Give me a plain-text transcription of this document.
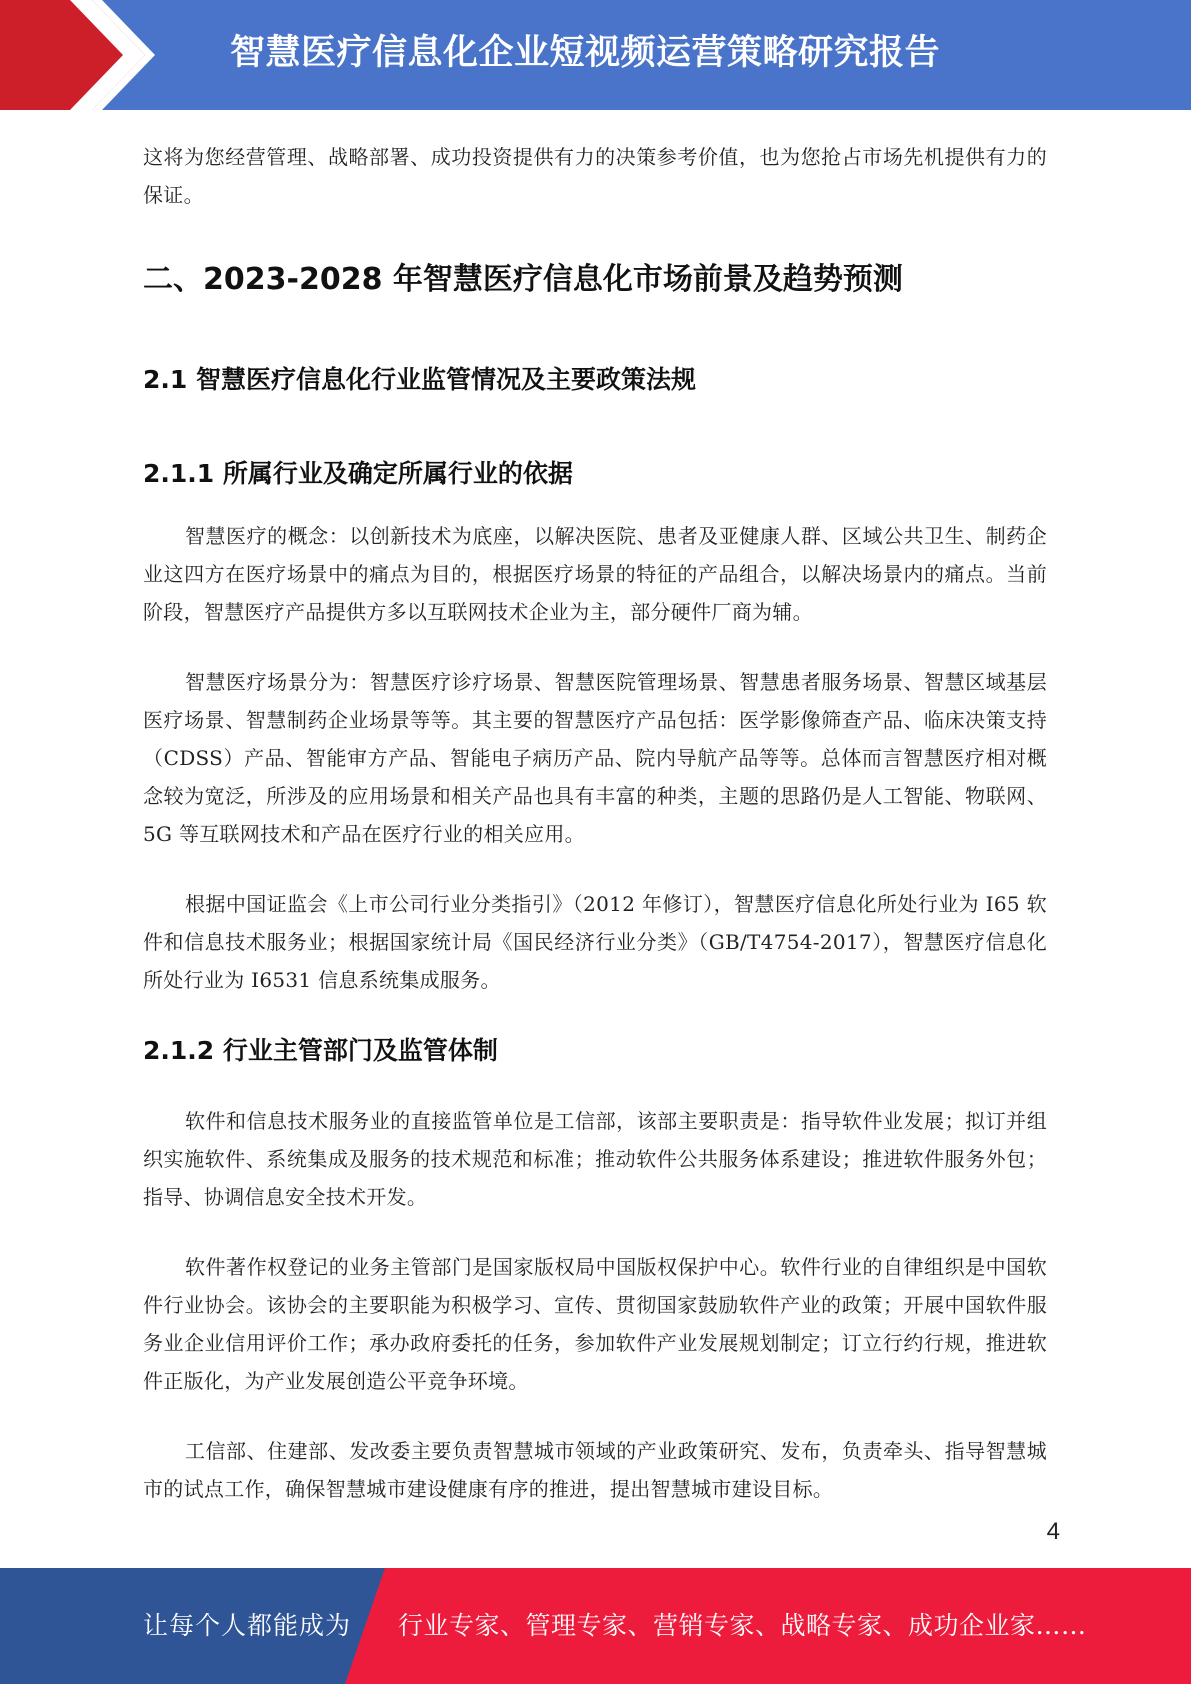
智慧医疗信息化企业短视频运营策略研究报告

这将为您经营管理、战略部署、成功投资提供有力的决策参考价值，也为您抢占市场先机提供有力的保证。

二、2023-2028 年智慧医疗信息化市场前景及趋势预测
2.1 智慧医疗信息化行业监管情况及主要政策法规
2.1.1 所属行业及确定所属行业的依据

智慧医疗的概念：以创新技术为底座，以解决医院、患者及亚健康人群、区域公共卫生、制药企业这四方在医疗场景中的痛点为目的，根据医疗场景的特征的产品组合，以解决场景内的痛点。当前阶段，智慧医疗产品提供方多以互联网技术企业为主，部分硬件厂商为辅。

智慧医疗场景分为：智慧医疗诊疗场景、智慧医院管理场景、智慧患者服务场景、智慧区域基层医疗场景、智慧制药企业场景等等。其主要的智慧医疗产品包括：医学影像筛查产品、临床决策支持（CDSS）产品、智能审方产品、智能电子病历产品、院内导航产品等等。总体而言智慧医疗相对概念较为宽泛，所涉及的应用场景和相关产品也具有丰富的种类，主题的思路仍是人工智能、物联网、5G 等互联网技术和产品在医疗行业的相关应用。

根据中国证监会《上市公司行业分类指引》（2012 年修订），智慧医疗信息化所处行业为 I65 软件和信息技术服务业；根据国家统计局《国民经济行业分类》（GB/T4754-2017），智慧医疗信息化所处行业为 I6531 信息系统集成服务。

2.1.2 行业主管部门及监管体制

软件和信息技术服务业的直接监管单位是工信部，该部主要职责是：指导软件业发展；拟订并组织实施软件、系统集成及服务的技术规范和标准；推动软件公共服务体系建设；推进软件服务外包；指导、协调信息安全技术开发。

软件著作权登记的业务主管部门是国家版权局中国版权保护中心。软件行业的自律组织是中国软件行业协会。该协会的主要职能为积极学习、宣传、贯彻国家鼓励软件产业的政策；开展中国软件服务业企业信用评价工作；承办政府委托的任务，参加软件产业发展规划制定；订立行约行规，推进软件正版化，为产业发展创造公平竞争环境。

工信部、住建部、发改委主要负责智慧城市领域的产业政策研究、发布，负责牵头、指导智慧城市的试点工作，确保智慧城市建设健康有序的推进，提出智慧城市建设目标。

4
让每个人都能成为 行业专家、管理专家、营销专家、战略专家、成功企业家……
